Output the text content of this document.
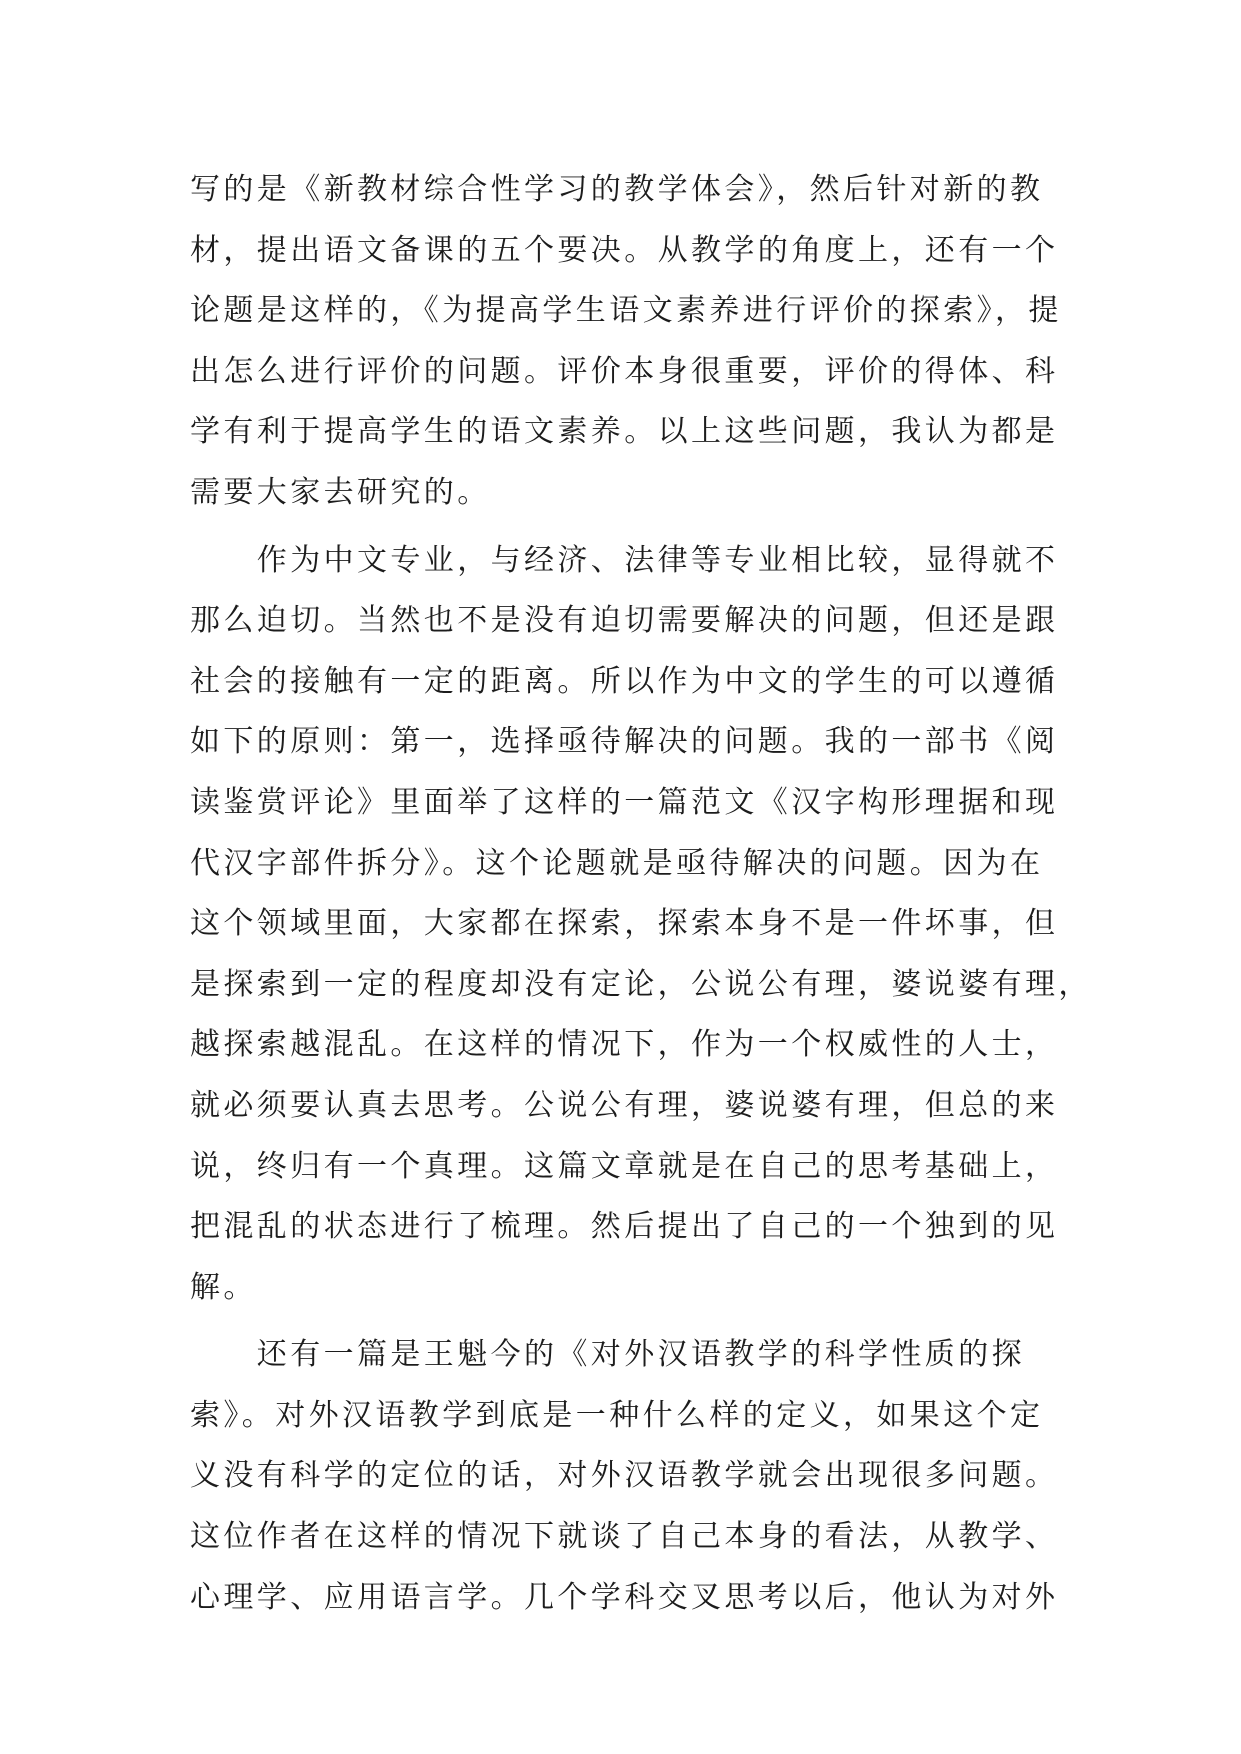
写的是《新教材综合性学习的教学体会》，然后针对新的教
材，提出语文备课的五个要决。从教学的角度上，还有一个
论题是这样的，《为提高学生语文素养进行评价的探索》，提
出怎么进行评价的问题。评价本身很重要，评价的得体、科
学有利于提高学生的语文素养。以上这些问题，我认为都是
需要大家去研究的。
　　作为中文专业，与经济、法律等专业相比较，显得就不
那么迫切。当然也不是没有迫切需要解决的问题，但还是跟
社会的接触有一定的距离。所以作为中文的学生的可以遵循
如下的原则：第一，选择亟待解决的问题。我的一部书《阅
读鉴赏评论》里面举了这样的一篇范文《汉字构形理据和现
代汉字部件拆分》。这个论题就是亟待解决的问题。因为在
这个领域里面，大家都在探索，探索本身不是一件坏事，但
是探索到一定的程度却没有定论，公说公有理，婆说婆有理，
越探索越混乱。在这样的情况下，作为一个权威性的人士，
就必须要认真去思考。公说公有理，婆说婆有理，但总的来
说，终归有一个真理。这篇文章就是在自己的思考基础上，
把混乱的状态进行了梳理。然后提出了自己的一个独到的见
解。
　　还有一篇是王魁今的《对外汉语教学的科学性质的探
索》。对外汉语教学到底是一种什么样的定义，如果这个定
义没有科学的定位的话，对外汉语教学就会出现很多问题。
这位作者在这样的情况下就谈了自己本身的看法，从教学、
心理学、应用语言学。几个学科交叉思考以后，他认为对外
